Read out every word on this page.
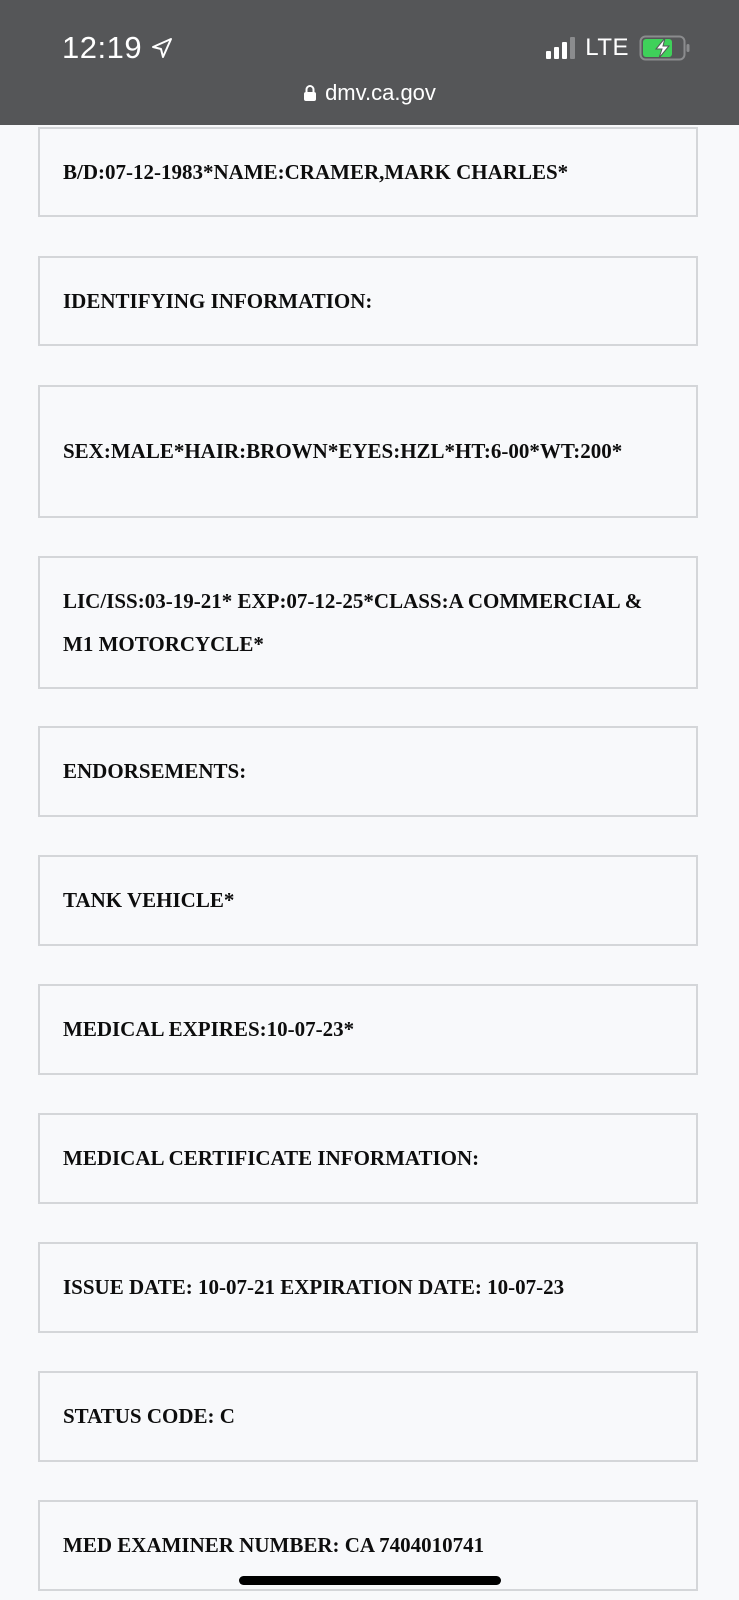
12:19	LTE
dmv.ca.gov
B/D:07-12-1983*NAME:CRAMER,MARK CHARLES*
IDENTIFYING INFORMATION:
SEX:MALE*HAIR:BROWN*EYES:HZL*HT:6-00*WT:200*
LIC/ISS:03-19-21* EXP:07-12-25*CLASS:A COMMERCIAL & M1 MOTORCYCLE*
ENDORSEMENTS:
TANK VEHICLE*
MEDICAL EXPIRES:10-07-23*
MEDICAL CERTIFICATE INFORMATION:
ISSUE DATE: 10-07-21 EXPIRATION DATE: 10-07-23
STATUS CODE: C
MED EXAMINER NUMBER: CA 7404010741
